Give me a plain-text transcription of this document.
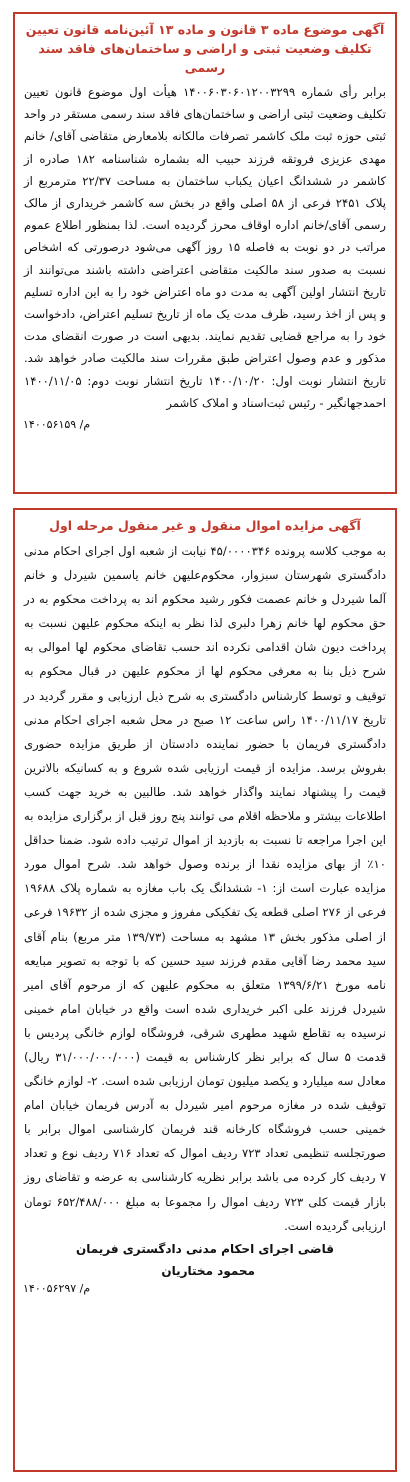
آگهی موضوع ماده ۳ قانون و ماده ۱۳ آئین‌نامه قانون تعیین تکلیف وضعیت ثبتی و اراضی و ساختمان‌های فاقد سند رسمی
برابر رأی شماره ۱۴۰۰۶۰۳۰۶۰۱۲۰۰۳۲۹۹ هیأت اول موضوع قانون تعیین تکلیف وضعیت ثبتی اراضی و ساختمان‌های فاقد سند رسمی مستقر در واحد ثبتی حوزه ثبت ملک کاشمر تصرفات مالکانه بلامعارض متقاضی آقای/ خانم مهدی عزیزی فروتقه فرزند حبیب اله بشماره شناسنامه ۱۸۲ صادره از کاشمر در ششدانگ اعیان یکباب ساختمان به مساحت ۲۲/۳۷ مترمربع از پلاک ۲۴۵۱ فرعی از ۵۸ اصلی واقع در بخش سه کاشمر خریداری از مالک رسمی آقای/خانم اداره اوقاف محرز گردیده است. لذا بمنظور اطلاع عموم مراتب در دو نوبت به فاصله ۱۵ روز آگهی می‌شود درصورتی که اشخاص نسبت به صدور سند مالکیت متقاضی اعتراضی داشته باشند می‌توانند از تاریخ انتشار اولین آگهی به مدت دو ماه اعتراض خود را به این اداره تسلیم و پس از اخذ رسید، ظرف مدت یک ماه از تاریخ تسلیم اعتراض، دادخواست خود را به مراجع قضایی تقدیم نمایند. بدیهی است در صورت انقضای مدت مذکور و عدم وصول اعتراض طبق مقررات سند مالکیت صادر خواهد شد. تاریخ انتشار نوبت اول: ۱۴۰۰/۱۰/۲۰ تاریخ انتشار نوبت دوم: ۱۴۰۰/۱۱/۰۵ احمدجهانگیر - رئیس ثبت‌اسناد و املاک کاشمر
م/ ۱۴۰۰۵۶۱۵۹
آگهی مزایده اموال منقول و غیر منقول مرحله اول
به موجب کلاسه پرونده ۴۵/۰۰۰۰۳۴۶ نیابت از شعبه اول اجرای احکام مدنی دادگستری شهرستان سبزوار، محکوم‌علیهن خانم یاسمین شیردل و خانم آلما شیردل و خانم عصمت فکور رشید محکوم اند به پرداخت محکوم به در حق محکوم لها خانم زهرا دلبری لذا نظر به اینکه محکوم علیهن نسبت به پرداخت دیون شان اقدامی نکرده اند حسب تقاضای محکوم لها اموالی به شرح ذیل بنا به معرفی محکوم لها از محکوم علیهن در قبال محکوم به توقیف و توسط کارشناس دادگستری به شرح ذیل ارزیابی و مقرر گردید در تاریخ ۱۴۰۰/۱۱/۱۷ راس ساعت ۱۲ صبح در محل شعبه اجرای احکام مدنی دادگستری فریمان با حضور نماینده دادستان از طریق مزایده حضوری بفروش برسد. مزایده از قیمت ارزیابی شده شروع و به کسانیکه بالاترین قیمت را پیشنهاد نمایند واگذار خواهد شد. طالبین به خرید جهت کسب اطلاعات بیشتر و ملاحظه اقلام می توانند پنج روز قبل از برگزاری مزایده به این اجرا مراجعه تا نسبت به بازدید از اموال ترتیب داده شود. ضمنا حداقل ۱۰٪ از بهای مزایده نقدا از برنده وصول خواهد شد. شرح اموال مورد مزایده عبارت است از: ۱- ششدانگ یک باب مغازه به شماره پلاک ۱۹۶۸۸ فرعی از ۲۷۶ اصلی قطعه یک تفکیکی مفروز و مجزی شده از ۱۹۶۳۲ فرعی از اصلی مذکور بخش ۱۳ مشهد به مساحت (۱۳۹/۷۳ متر مربع) بنام آقای سید محمد رضا آقایی مقدم فرزند سید حسین که با توجه به تصویر مبایعه نامه مورخ ۱۳۹۹/۶/۲۱ متعلق به محکوم علیهن که از مرحوم آقای امیر شیردل فرزند علی اکبر خریداری شده است واقع در خیابان امام خمینی نرسیده به تقاطع شهید مطهری شرقی، فروشگاه لوازم خانگی پردیس با قدمت ۵ سال که برابر نظر کارشناس به قیمت (۳۱/۰۰۰/۰۰۰/۰۰۰ ریال) معادل سه میلیارد و یکصد میلیون تومان ارزیابی شده است. ۲- لوازم خانگی توقیف شده در مغازه مرحوم امیر شیردل به آدرس فریمان خیابان امام خمینی حسب فروشگاه کارخانه قند فریمان کارشناسی اموال برابر با صورتجلسه تنظیمی تعداد ۷۲۳ ردیف اموال که تعداد ۷۱۶ ردیف نوع و تعداد ۷ ردیف کار کرده می باشد برابر نظریه کارشناسی به عرضه و تقاضای روز بازار قیمت کلی ۷۲۳ ردیف اموال را مجموعا به مبلغ ۶۵۲/۴۸۸/۰۰۰ تومان ارزیابی گردیده است.
قاضی اجرای احکام مدنی دادگستری فریمان
محمود مختاریان
م/ ۱۴۰۰۵۶۲۹۷
